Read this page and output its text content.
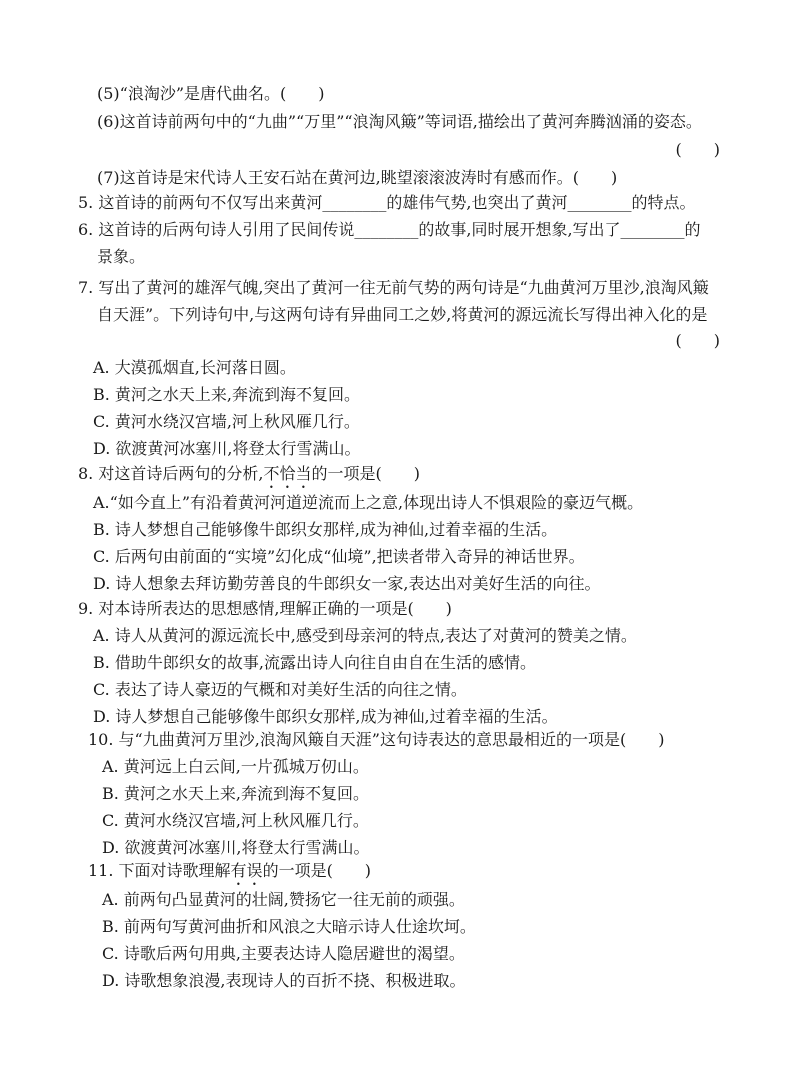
(5)“浪淘沙”是唐代曲名。(　　)
(6)这首诗前两句中的“九曲”“万里”“浪淘风簸”等词语,描绘出了黄河奔腾汹涌的姿态。
(　　)
(7)这首诗是宋代诗人王安石站在黄河边,眺望滚滚波涛时有感而作。(　　)
5. 这首诗的前两句不仅写出来黄河________的雄伟气势,也突出了黄河________的特点。
6. 这首诗的后两句诗人引用了民间传说________的故事,同时展开想象,写出了________的
景象。
7. 写出了黄河的雄浑气魄,突出了黄河一往无前气势的两句诗是“九曲黄河万里沙,浪淘风簸
自天涯”。下列诗句中,与这两句诗有异曲同工之妙,将黄河的源远流长写得出神入化的是
(　　)
A. 大漠孤烟直,长河落日圆。
B. 黄河之水天上来,奔流到海不复回。
C. 黄河水绕汉宫墙,河上秋风雁几行。
D. 欲渡黄河冰塞川,将登太行雪满山。
8. 对这首诗后两句的分析,不恰当的一项是(　　)
A.“如今直上”有沿着黄河河道逆流而上之意,体现出诗人不惧艰险的豪迈气概。
B. 诗人梦想自己能够像牛郎织女那样,成为神仙,过着幸福的生活。
C. 后两句由前面的“实境”幻化成“仙境”,把读者带入奇异的神话世界。
D. 诗人想象去拜访勤劳善良的牛郎织女一家,表达出对美好生活的向往。
9. 对本诗所表达的思想感情,理解正确的一项是(　　)
A. 诗人从黄河的源远流长中,感受到母亲河的特点,表达了对黄河的赞美之情。
B. 借助牛郎织女的故事,流露出诗人向往自由自在生活的感情。
C. 表达了诗人豪迈的气概和对美好生活的向往之情。
D. 诗人梦想自己能够像牛郎织女那样,成为神仙,过着幸福的生活。
10. 与“九曲黄河万里沙,浪淘风簸自天涯”这句诗表达的意思最相近的一项是(　　)
A. 黄河远上白云间,一片孤城万仞山。
B. 黄河之水天上来,奔流到海不复回。
C. 黄河水绕汉宫墙,河上秋风雁几行。
D. 欲渡黄河冰塞川,将登太行雪满山。
11. 下面对诗歌理解有误的一项是(　　)
A. 前两句凸显黄河的壮阔,赞扬它一往无前的顽强。
B. 前两句写黄河曲折和风浪之大暗示诗人仕途坎坷。
C. 诗歌后两句用典,主要表达诗人隐居避世的渴望。
D. 诗歌想象浪漫,表现诗人的百折不挠、积极进取。
